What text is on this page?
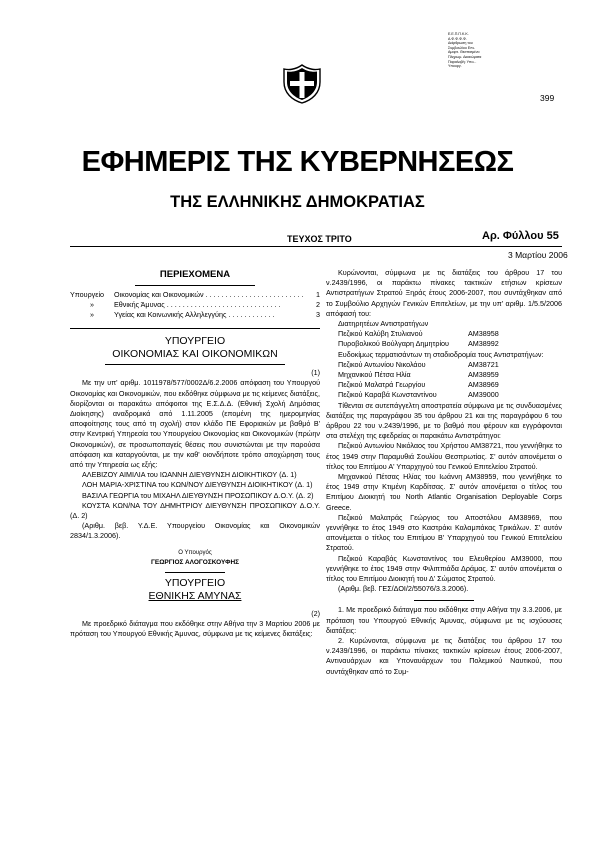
Ε.Ε.Π.Π.Κ.Κ.
Α.Φ.Φ.Φ.Φ.
Διάρθρωση του
Συμβουλίου Επι-
Αμαρτ. Θεσπισμένο
Πληρωμ. Δικαιώματα
Παραλαβή: Υπο...
Υπουργ.
399
ΕΦΗΜΕΡΙΣ ΤΗΣ ΚΥΒΕΡΝΗΣΕΩΣ
ΤΗΣ ΕΛΛΗΝΙΚΗΣ ΔΗΜΟΚΡΑΤΙΑΣ
ΤΕΥΧΟΣ ΤΡΙΤΟ	Αρ. Φύλλου 55
3 Μαρτίου 2006
ΠΕΡΙΕΧΟΜΕΝΑ
Υπουργείο	Οικονομίας και Οικονομικών . . . . . . . . . . . . . . . . . . . . . . . . .	1
»	Εθνικής Άμυνας . . . . . . . . . . . . . . . . . . . . . . . . . . . . .	2
»	Υγείας και Κοινωνικής Αλληλεγγύης . . . . . . . . . . . .	3
ΥΠΟΥΡΓΕΙΟ
ΟΙΚΟΝΟΜΙΑΣ ΚΑΙ ΟΙΚΟΝΟΜΙΚΩΝ
(1)

Με την υπ' αριθμ. 1011978/577/0002Δ/6.2.2006 απόφαση του Υπουργού Οικονομίας και Οικονομικών, που εκδόθηκε σύμφωνα με τις κείμενες διατάξεις, διορίζονται οι παρακάτω απόφοιτοι της Ε.Σ.Δ.Δ. (Εθνική Σχολή Δημόσιας Διοίκησης) αναδρομικά από 1.11.2005 (επομένη της ημερομηνίας αποφοίτησης τους από τη σχολή) στον κλάδο ΠΕ Εφοριακών με βαθμό Β' στην Κεντρική Υπηρεσία του Υπουργείου Οικονομίας και Οικονομικών (πρώην Οικονομικών), σε προσωποπαγείς θέσεις που συνιστώνται με την παρούσα απόφαση και καταργούνται, με την καθ' οιονδήποτε τρόπο αποχώρηση τους από την Υπηρεσία ως εξής:

ΑΛΕΒΙΖΟΥ ΑΙΜΙΛΙΑ του ΙΩΑΝΝΗ ΔΙΕΥΘΥΝΣΗ ΔΙΟΙΚΗΤΙΚΟΥ (Δ. 1)

ΛΟΗ ΜΑΡΙΑ-ΧΡΙΣΤΙΝΑ του ΚΩΝ/ΝΟΥ ΔΙΕΥΘΥΝΣΗ ΔΙΟΙΚΗΤΙΚΟΥ (Δ. 1)

ΒΑΣΙΛΑ ΓΕΩΡΓΙΑ του ΜΙΧΑΗΛ ΔΙΕΥΘΥΝΣΗ ΠΡΟΣΩΠΙΚΟΥ Δ.Ο.Υ. (Δ. 2)

ΚΟΥΣΤΑ ΚΩΝ/ΝΑ ΤΟΥ ΔΗΜΗΤΡΙΟΥ ΔΙΕΥΘΥΝΣΗ ΠΡΟΣΩΠΙΚΟΥ Δ.Ο.Υ. (Δ. 2)

(Αριθμ. βεβ. Υ.Δ.Ε. Υπουργείου Οικονομίας και Οικονομικών 2834/1.3.2006).

Ο Υπουργός
ΓΕΩΡΓΙΟΣ ΑΛΟΓΟΣΚΟΥΦΗΣ
ΥΠΟΥΡΓΕΙΟ
ΕΘΝΙΚΗΣ ΑΜΥΝΑΣ
(2)

Με προεδρικό διάταγμα που εκδόθηκε στην Αθήνα την 3 Μαρτίου 2006 με πρόταση του Υπουργού Εθνικής Άμυνας, σύμφωνα με τις κείμενες διατάξεις:

Κυρώνονται, σύμφωνα με τις διατάξεις του άρθρου 17 του ν.2439/1996, οι παράκτω πίνακες τακτικών ετήσιων κρίσεων Αντιστρατήγων Στρατού Ξηράς έτους 2006-2007, που συντάχθηκαν από το Συμβούλιο Αρχηγών Γενικών Επιτελείων, με την υπ' αριθμ. 1/5.5/2006 απόφασή του:

Διατηρητέων Αντιστρατήγων

Πεζικού Καλύβη Στυλιανού	ΑΜ38958
Πυροβολικού Βούλγαρη Δημητρίου	ΑΜ38992

Ευδοκίμως τερματισάντων τη σταδιοδρομία τους Αντιστρατήγων:

Πεζικού Αντωνίου Νικολάου	ΑΜ38721
Μηχανικού Πέτσα Ηλία	ΑΜ38959
Πεζικού Μαλατρά Γεωργίου	ΑΜ38969
Πεζικού Καραβά Κωνσταντίνου	ΑΜ39000

Τίθενται σε αυτεπάγγελτη αποστρατεία σύμφωνα με τις συνδυασμένες διατάξεις της παραγράφου 35 του άρθρου 21 και της παραγράφου 6 του άρθρου 22 του ν.2439/1996, με το βαθμό που φέρουν και εγγράφονται στα στελέχη της εφεδρείας οι παρακάτω Αντιστράτηγοι:

Πεζικού Αντωνίου Νικόλαος του Χρήστου ΑΜ38721, που γεννήθηκε το έτος 1949 στην Παραμυθιά Σουλίου Θεσπρωτίας. Σ' αυτόν απονέμεται ο τίτλος του Επιτίμου Α' Υπαρχηγού του Γενικού Επιτελείου Στρατού.

Μηχανικού Πέτσας Ηλίας του Ιωάννη ΑΜ38959, που γεννήθηκε το έτος 1949 στην Κτιμένη Καρδίτσας. Σ' αυτόν απονέμεται ο τίτλος του Επιτίμου Διοικητή του North Atlantic Organisation Deployable Corps Greece.

Πεζικού Μαλατράς Γεώργιος του Αποστόλου ΑΜ38969, που γεννήθηκε το έτος 1949 στο Καστράκι Καλαμπάκας Τρικάλων. Σ' αυτόν απονέμεται ο τίτλος του Επιτίμου Β' Υπαρχηγού του Γενικού Επιτελείου Στρατού.

Πεζικού Καραβάς Κωνσταντίνος του Ελευθερίου ΑΜ39000, που γεννήθηκε το έτος 1949 στην Φιλιππιάδα Δράμας. Σ' αυτόν απονέμεται ο τίτλος του Επιτίμου Διοικητή του Δ' Σώματος Στρατού.

(Αριθμ. βεβ. ΓΕΣ/ΔΟΙ/2/55076/3.3.2006).

1. Με προεδρικό διάταγμα που εκδόθηκε στην Αθήνα την 3.3.2006, με πρόταση του Υπουργού Εθνικής Άμυνας, σύμφωνα με τις ισχύουσες διατάξεις:

2. Κυρώνονται, σύμφωνα με τις διατάξεις του άρθρου 17 του ν.2439/1996, οι παράκτω πίνακες τακτικών κρίσεων έτους 2006-2007, Αντιναυάρχων και Υποναυάρχων του Πολεμικού Ναυτικού, που συντάχθηκαν από το Συμ-
